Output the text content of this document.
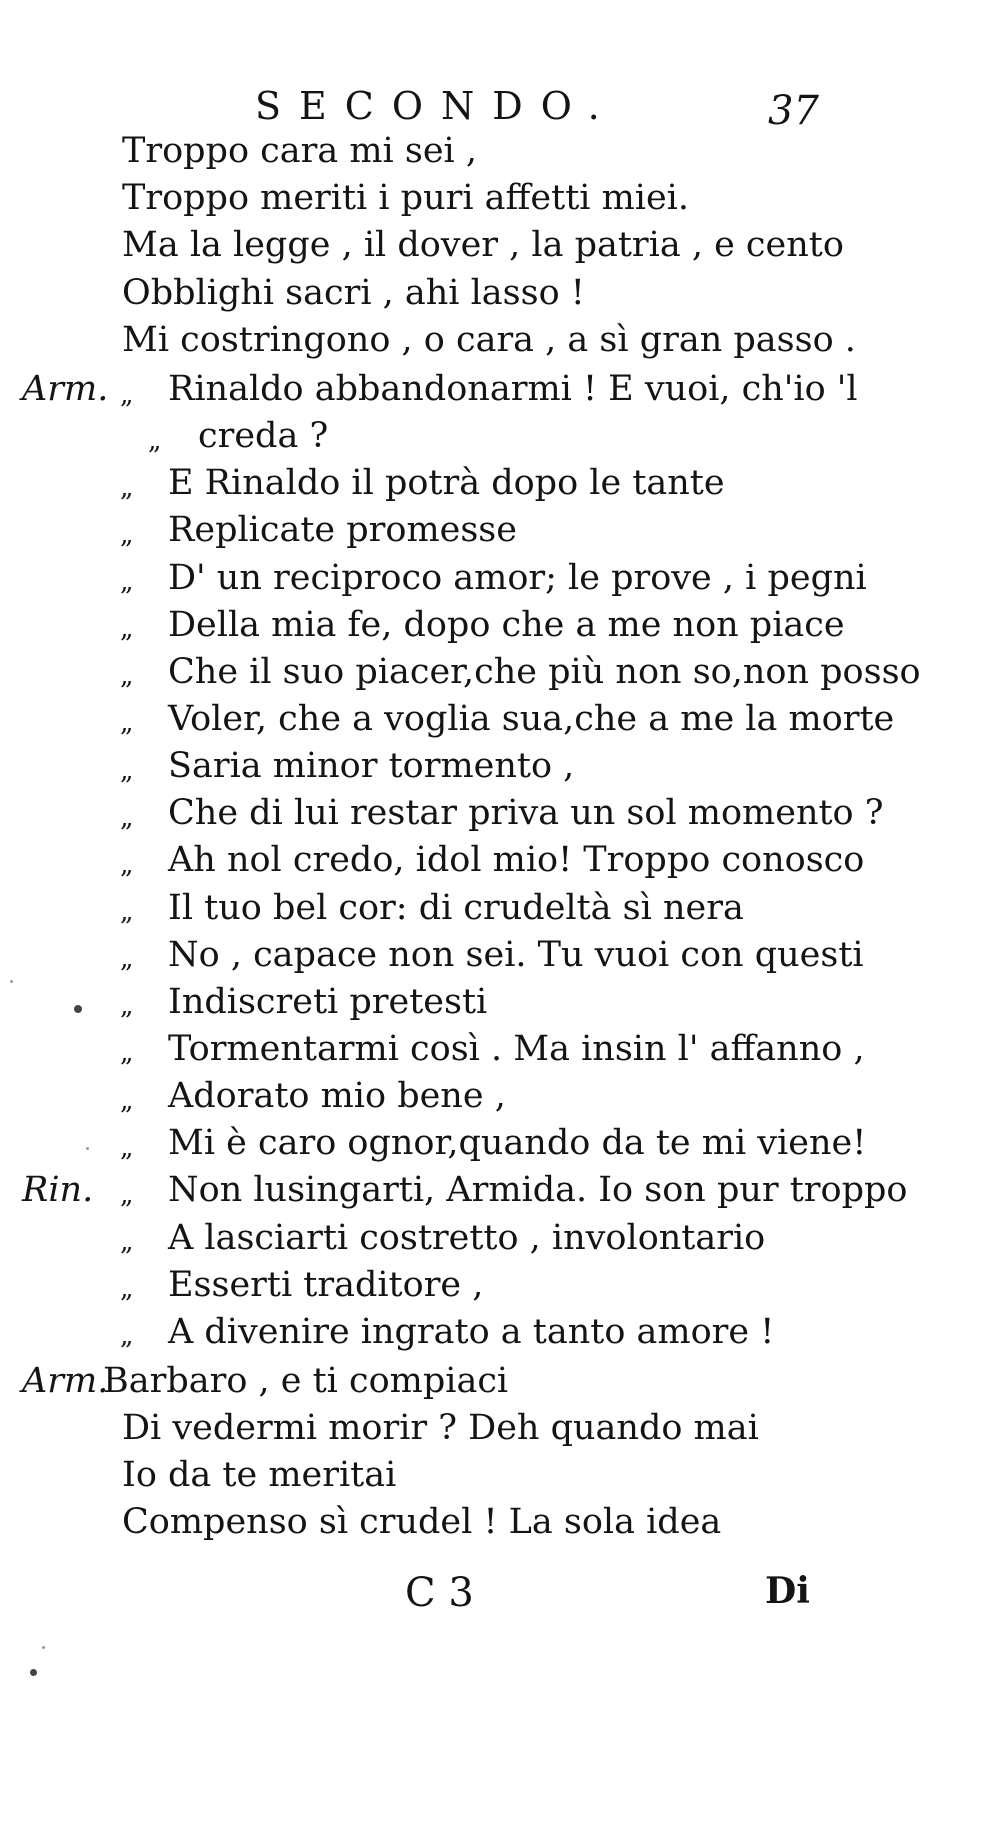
SECONDO.	37
Troppo cara mi sei ,
Troppo meriti i puri affetti miei.
Ma la legge , il dover , la patria , e cento
Obblighi sacri , ahi lasso !
Mi costringono , o cara , a sì gran passo .
Arm. „ Rinaldo abbandonarmi ! E vuoi, ch'io 'l
„ creda ?
„ E Rinaldo il potrà dopo le tante
„ Replicate promesse
„ D' un reciproco amor; le prove , i pegni
„ Della mia fe, dopo che a me non piace
„ Che il suo piacer,che più non so,non posso
„ Voler, che a voglia sua,che a me la morte
„ Saria minor tormento ,
„ Che di lui restar priva un sol momento ?
„ Ah nol credo, idol mio! Troppo conosco
„ Il tuo bel cor: di crudeltà sì nera
„ No , capace non sei. Tu vuoi con questi
„ Indiscreti pretesti
„ Tormentarmi così . Ma insin l' affanno ,
„ Adorato mio bene ,
„ Mi è caro ognor,quando da te mi viene!
Rin. „ Non lusingarti, Armida. Io son pur troppo
„ A lasciarti costretto , involontario
„ Esserti traditore ,
„ A divenire ingrato a tanto amore !
Arm.
Barbaro , e ti compiaci
Di vedermi morir ? Deh quando mai
Io da te meritai
Compenso sì crudel ! La sola idea
C 3	Di
